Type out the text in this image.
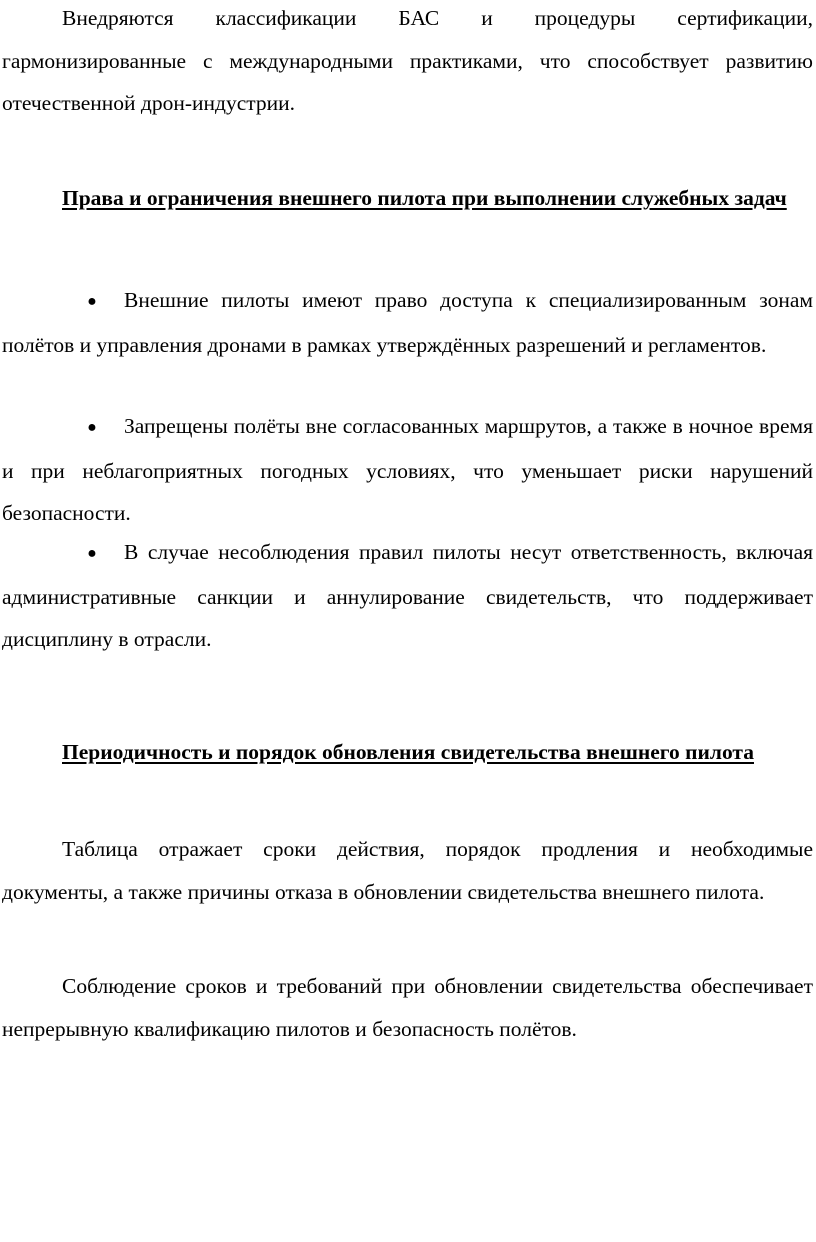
Внедряются классификации БАС и процедуры сертификации, гармонизированные с международными практиками, что способствует развитию отечественной дрон-индустрии.

Права и ограничения внешнего пилота при выполнении служебных задач

● Внешние пилоты имеют право доступа к специализированным зонам полётов и управления дронами в рамках утверждённых разрешений и регламентов.

● Запрещены полёты вне согласованных маршрутов, а также в ночное время и при неблагоприятных погодных условиях, что уменьшает риски нарушений безопасности.

● В случае несоблюдения правил пилоты несут ответственность, включая административные санкции и аннулирование свидетельств, что поддерживает дисциплину в отрасли.

Периодичность и порядок обновления свидетельства внешнего пилота

Таблица отражает сроки действия, порядок продления и необходимые документы, а также причины отказа в обновлении свидетельства внешнего пилота.

Соблюдение сроков и требований при обновлении свидетельства обеспечивает непрерывную квалификацию пилотов и безопасность полётов.
